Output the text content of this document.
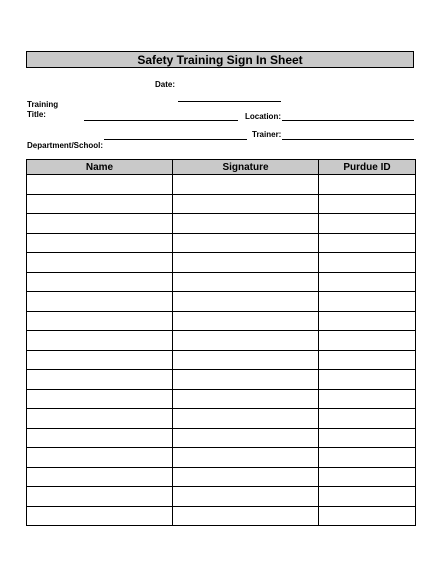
Safety Training Sign In Sheet
Date:
Training
Title:	Location:
Trainer:
Department/School:
Name	Signature	Purdue ID
